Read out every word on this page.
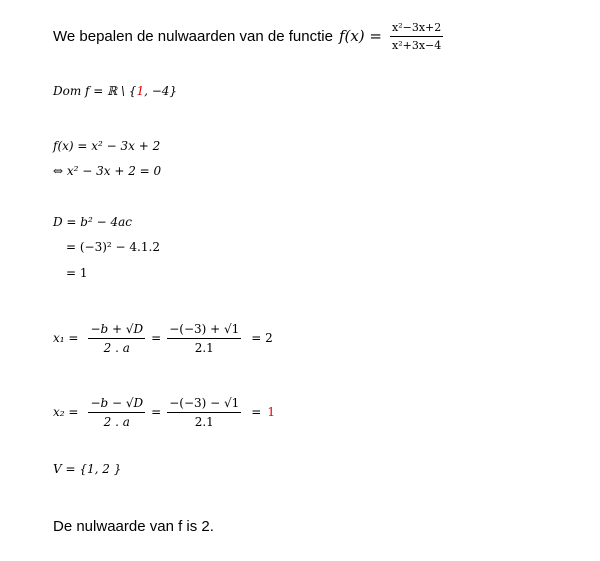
We bepalen de nulwaarden van de functie $f(x) = \frac{\text{x²−3x+2}}{\text{x²+3x−4}}$
Dom f = ℝ \ {1, −4}
f(x) = x² − 3x + 2
⇔ x² − 3x + 2 = 0
D = b² − 4ac
= (−3)² − 4.1.2
= 1
$x_1 = \frac{-b + √D}{2 . a} = \frac{-(-3) + √1}{2.1} = 2$
$x_2 = \frac{-b - √D}{2 . a} = \frac{-(-3) - √1}{2.1} = 1$
V = {1, 2 }
De nulwaarde van f is 2.
